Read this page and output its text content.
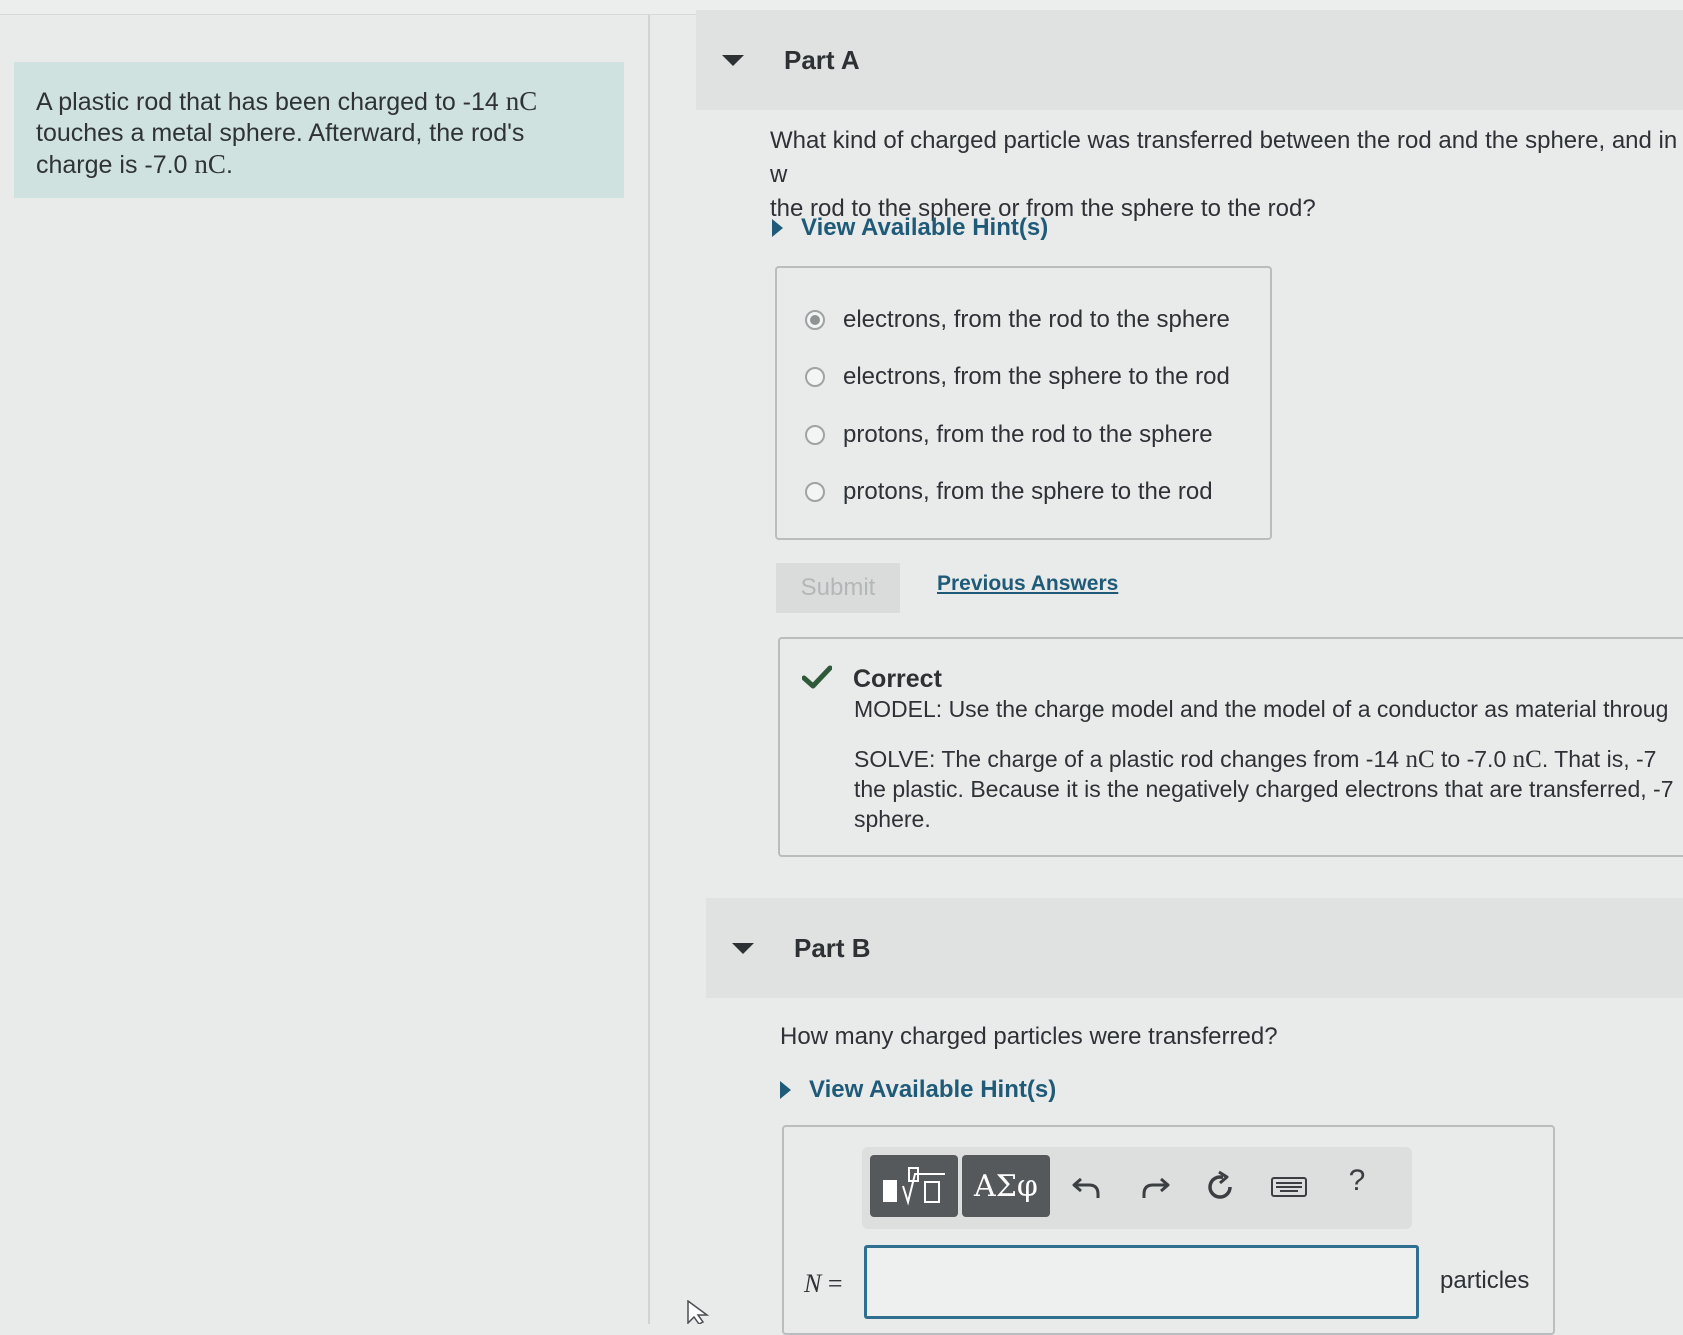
A plastic rod that has been charged to -14 nC touches a metal sphere. Afterward, the rod's charge is -7.0 nC.
Part A
What kind of charged particle was transferred between the rod and the sphere, and in w
the rod to the sphere or from the sphere to the rod?
View Available Hint(s)
electrons, from the rod to the sphere
electrons, from the sphere to the rod
protons, from the rod to the sphere
protons, from the sphere to the rod
Submit	Previous Answers
Correct
MODEL: Use the charge model and the model of a conductor as material throug
SOLVE: The charge of a plastic rod changes from -14 nC to -7.0 nC. That is, -7
the plastic. Because it is the negatively charged electrons that are transferred, -7
sphere.
Part B
How many charged particles were transferred?
View Available Hint(s)
ΑΣφ	?
N =	particles
